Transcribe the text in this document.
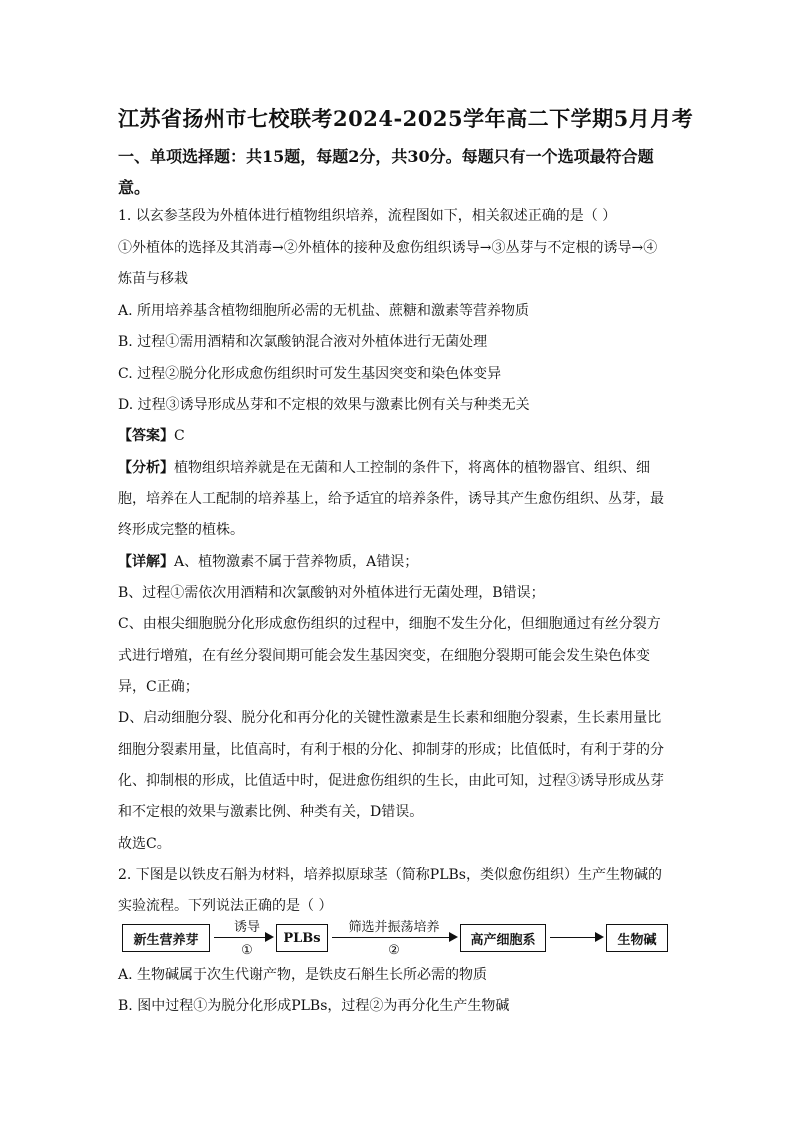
江苏省扬州市七校联考2024-2025学年高二下学期5月月考
一、单项选择题：共15题，每题2分，共30分。每题只有一个选项最符合题
意。
1. 以玄参茎段为外植体进行植物组织培养，流程图如下，相关叙述正确的是（ ）
①外植体的选择及其消毒→②外植体的接种及愈伤组织诱导→③丛芽与不定根的诱导→④
炼苗与移栽
A. 所用培养基含植物细胞所必需的无机盐、蔗糖和激素等营养物质
B. 过程①需用酒精和次氯酸钠混合液对外植体进行无菌处理
C. 过程②脱分化形成愈伤组织时可发生基因突变和染色体变异
D. 过程③诱导形成丛芽和不定根的效果与激素比例有关与种类无关
【答案】C
【分析】植物组织培养就是在无菌和人工控制的条件下，将离体的植物器官、组织、细
胞，培养在人工配制的培养基上，给予适宜的培养条件，诱导其产生愈伤组织、丛芽，最
终形成完整的植株。
【详解】A、植物激素不属于营养物质，A错误；
B、过程①需依次用酒精和次氯酸钠对外植体进行无菌处理，B错误；
C、由根尖细胞脱分化形成愈伤组织的过程中，细胞不发生分化，但细胞通过有丝分裂方
式进行增殖，在有丝分裂间期可能会发生基因突变，在细胞分裂期可能会发生染色体变
异，C正确；
D、启动细胞分裂、脱分化和再分化的关键性激素是生长素和细胞分裂素，生长素用量比
细胞分裂素用量，比值高时，有利于根的分化、抑制芽的形成；比值低时，有利于芽的分
化、抑制根的形成，比值适中时，促进愈伤组织的生长，由此可知，过程③诱导形成丛芽
和不定根的效果与激素比例、种类有关，D错误。
故选C。
2. 下图是以铁皮石斛为材料，培养拟原球茎（简称PLBs，类似愈伤组织）生产生物碱的
实验流程。下列说法正确的是（ ）
新生营养芽
诱导
①
PLBs
筛选并振荡培养
②
高产细胞系	生物碱
A. 生物碱属于次生代谢产物，是铁皮石斛生长所必需的物质
B. 图中过程①为脱分化形成PLBs，过程②为再分化生产生物碱
